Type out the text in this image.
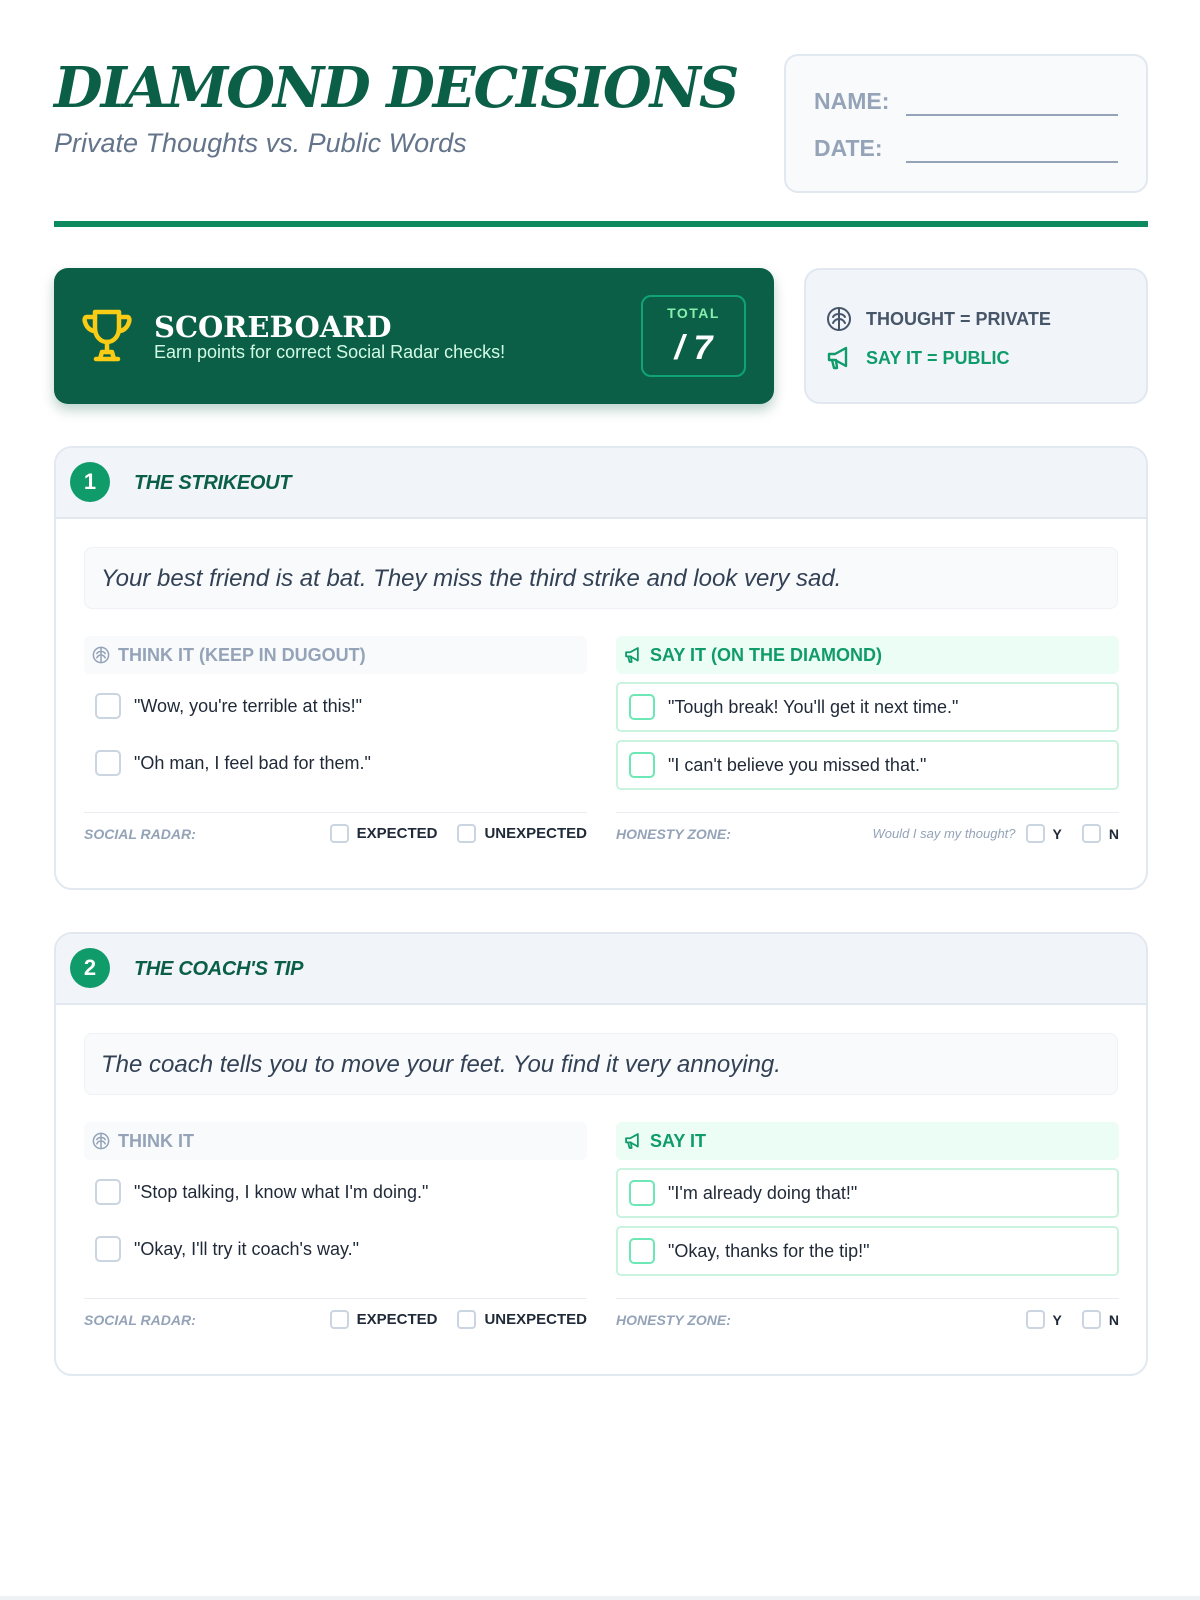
DIAMOND DECISIONS
Private Thoughts vs. Public Words
NAME:
DATE:
SCOREBOARD
Earn points for correct Social Radar checks!
TOTAL
/ 7
THOUGHT = PRIVATE
SAY IT = PUBLIC
1	THE STRIKEOUT
Your best friend is at bat. They miss the third strike and look very sad.
THINK IT (KEEP IN DUGOUT)
"Wow, you're terrible at this!"
"Oh man, I feel bad for them."
SAY IT (ON THE DIAMOND)
"Tough break! You'll get it next time."
"I can't believe you missed that."
SOCIAL RADAR:	EXPECTED	UNEXPECTED HONESTY ZONE:	Would I say my thought?	Y	N
2	THE COACH'S TIP
The coach tells you to move your feet. You find it very annoying.
THINK IT
"Stop talking, I know what I'm doing."
"Okay, I'll try it coach's way."
SAY IT
"I'm already doing that!"
"Okay, thanks for the tip!"
SOCIAL RADAR:	EXPECTED	UNEXPECTED HONESTY ZONE:	Y	N
